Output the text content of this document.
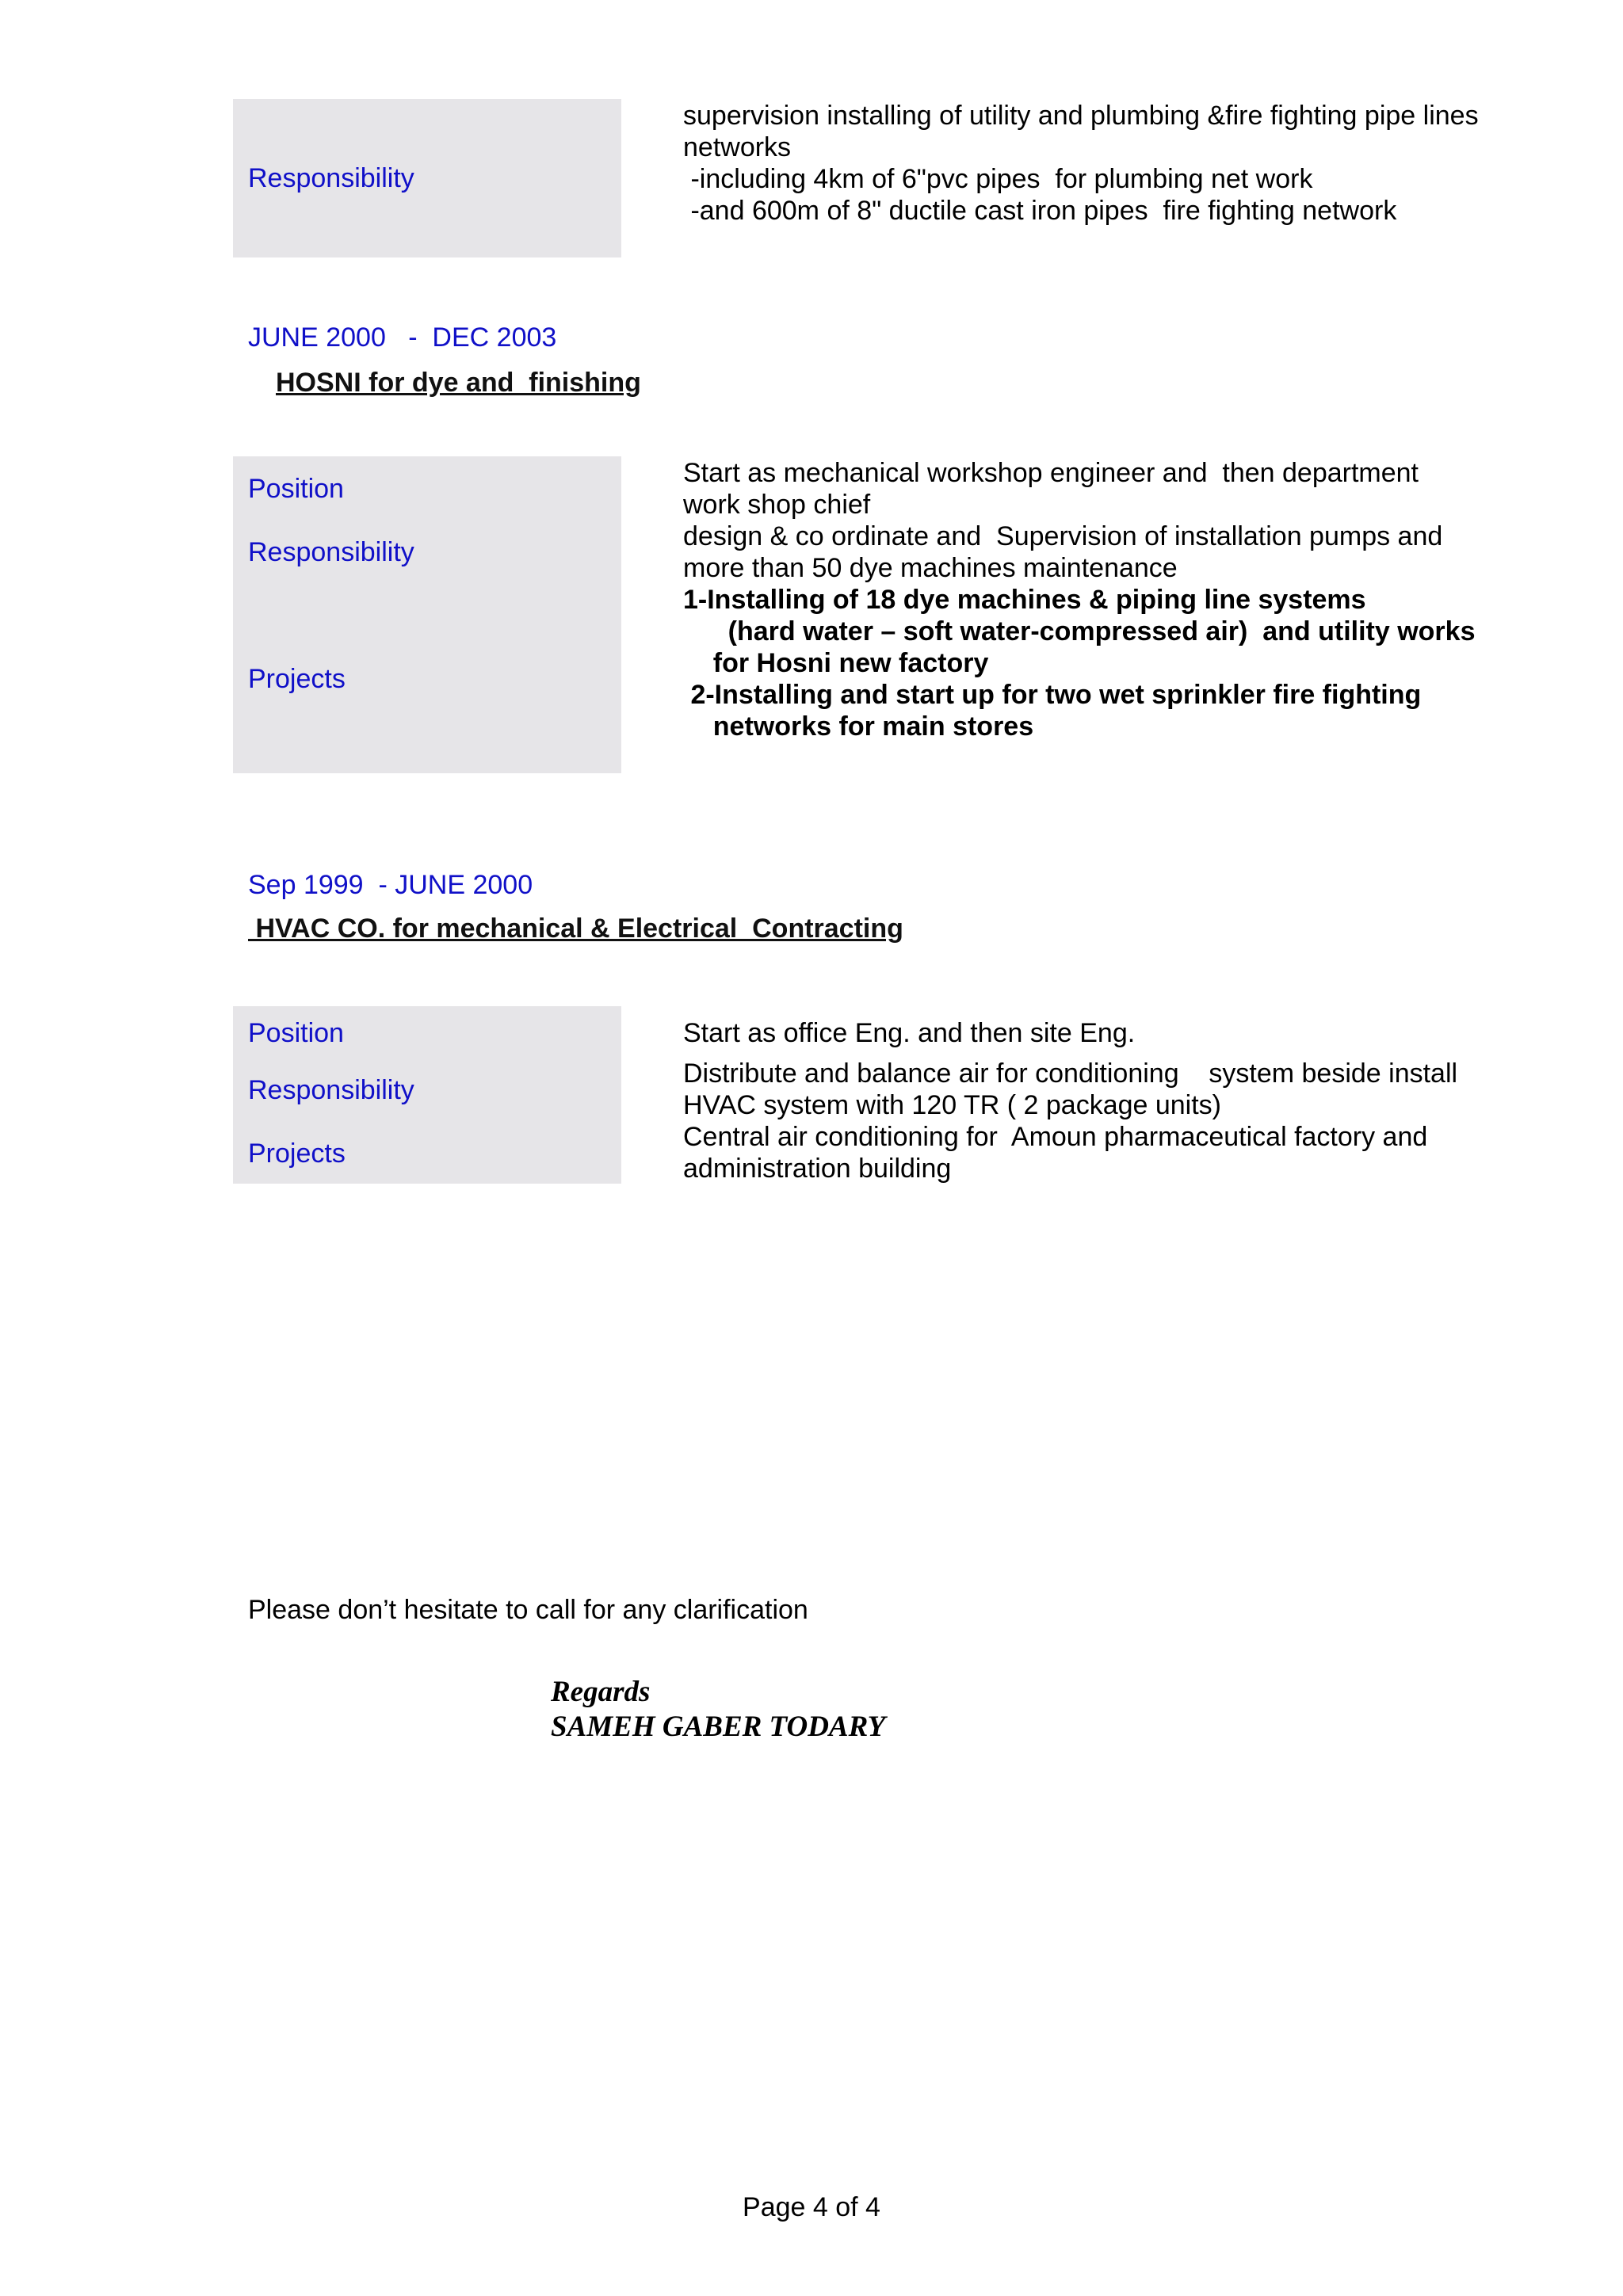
Responsibility
supervision installing of utility and plumbing &fire fighting pipe lines
networks
-including 4km of 6"pvc pipes  for plumbing net work
-and 600m of 8" ductile cast iron pipes  fire fighting network
JUNE 2000   -  DEC 2003
HOSNI for dye and  finishing
Position
Responsibility
Projects
Start as mechanical workshop engineer and  then department
work shop chief
design & co ordinate and  Supervision of installation pumps and
more than 50 dye machines maintenance
1-Installing of 18 dye machines & piping line systems
(hard water – soft water-compressed air)  and utility works
for Hosni new factory
2-Installing and start up for two wet sprinkler fire fighting
networks for main stores
Sep 1999  - JUNE 2000
HVAC CO. for mechanical & Electrical  Contracting
Position
Responsibility
Projects
Start as office Eng. and then site Eng.
Distribute and balance air for conditioning    system beside install
HVAC system with 120 TR ( 2 package units)
Central air conditioning for  Amoun pharmaceutical factory and
administration building
Please don’t hesitate to call for any clarification
Regards
SAMEH GABER TODARY
Page 4 of 4
